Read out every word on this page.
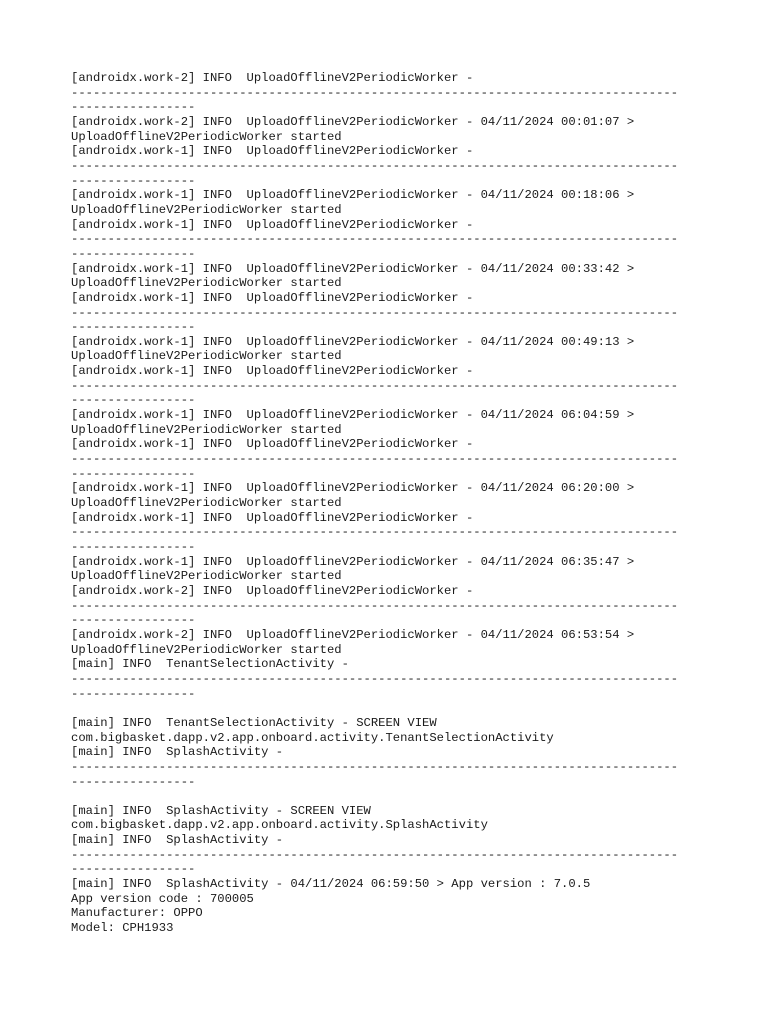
[androidx.work-2] INFO  UploadOfflineV2PeriodicWorker -
-----------------------------------------------------------------------------------
-----------------
[androidx.work-2] INFO  UploadOfflineV2PeriodicWorker - 04/11/2024 00:01:07 >
UploadOfflineV2PeriodicWorker started
[androidx.work-1] INFO  UploadOfflineV2PeriodicWorker -
-----------------------------------------------------------------------------------
-----------------
[androidx.work-1] INFO  UploadOfflineV2PeriodicWorker - 04/11/2024 00:18:06 >
UploadOfflineV2PeriodicWorker started
[androidx.work-1] INFO  UploadOfflineV2PeriodicWorker -
-----------------------------------------------------------------------------------
-----------------
[androidx.work-1] INFO  UploadOfflineV2PeriodicWorker - 04/11/2024 00:33:42 >
UploadOfflineV2PeriodicWorker started
[androidx.work-1] INFO  UploadOfflineV2PeriodicWorker -
-----------------------------------------------------------------------------------
-----------------
[androidx.work-1] INFO  UploadOfflineV2PeriodicWorker - 04/11/2024 00:49:13 >
UploadOfflineV2PeriodicWorker started
[androidx.work-1] INFO  UploadOfflineV2PeriodicWorker -
-----------------------------------------------------------------------------------
-----------------
[androidx.work-1] INFO  UploadOfflineV2PeriodicWorker - 04/11/2024 06:04:59 >
UploadOfflineV2PeriodicWorker started
[androidx.work-1] INFO  UploadOfflineV2PeriodicWorker -
-----------------------------------------------------------------------------------
-----------------
[androidx.work-1] INFO  UploadOfflineV2PeriodicWorker - 04/11/2024 06:20:00 >
UploadOfflineV2PeriodicWorker started
[androidx.work-1] INFO  UploadOfflineV2PeriodicWorker -
-----------------------------------------------------------------------------------
-----------------
[androidx.work-1] INFO  UploadOfflineV2PeriodicWorker - 04/11/2024 06:35:47 >
UploadOfflineV2PeriodicWorker started
[androidx.work-2] INFO  UploadOfflineV2PeriodicWorker -
-----------------------------------------------------------------------------------
-----------------
[androidx.work-2] INFO  UploadOfflineV2PeriodicWorker - 04/11/2024 06:53:54 >
UploadOfflineV2PeriodicWorker started
[main] INFO  TenantSelectionActivity -
-----------------------------------------------------------------------------------
-----------------
[main] INFO  TenantSelectionActivity - SCREEN VIEW
com.bigbasket.dapp.v2.app.onboard.activity.TenantSelectionActivity
[main] INFO  SplashActivity -
-----------------------------------------------------------------------------------
-----------------
[main] INFO  SplashActivity - SCREEN VIEW
com.bigbasket.dapp.v2.app.onboard.activity.SplashActivity
[main] INFO  SplashActivity -
-----------------------------------------------------------------------------------
-----------------
[main] INFO  SplashActivity - 04/11/2024 06:59:50 > App version : 7.0.5
App version code : 700005
Manufacturer: OPPO
Model: CPH1933
